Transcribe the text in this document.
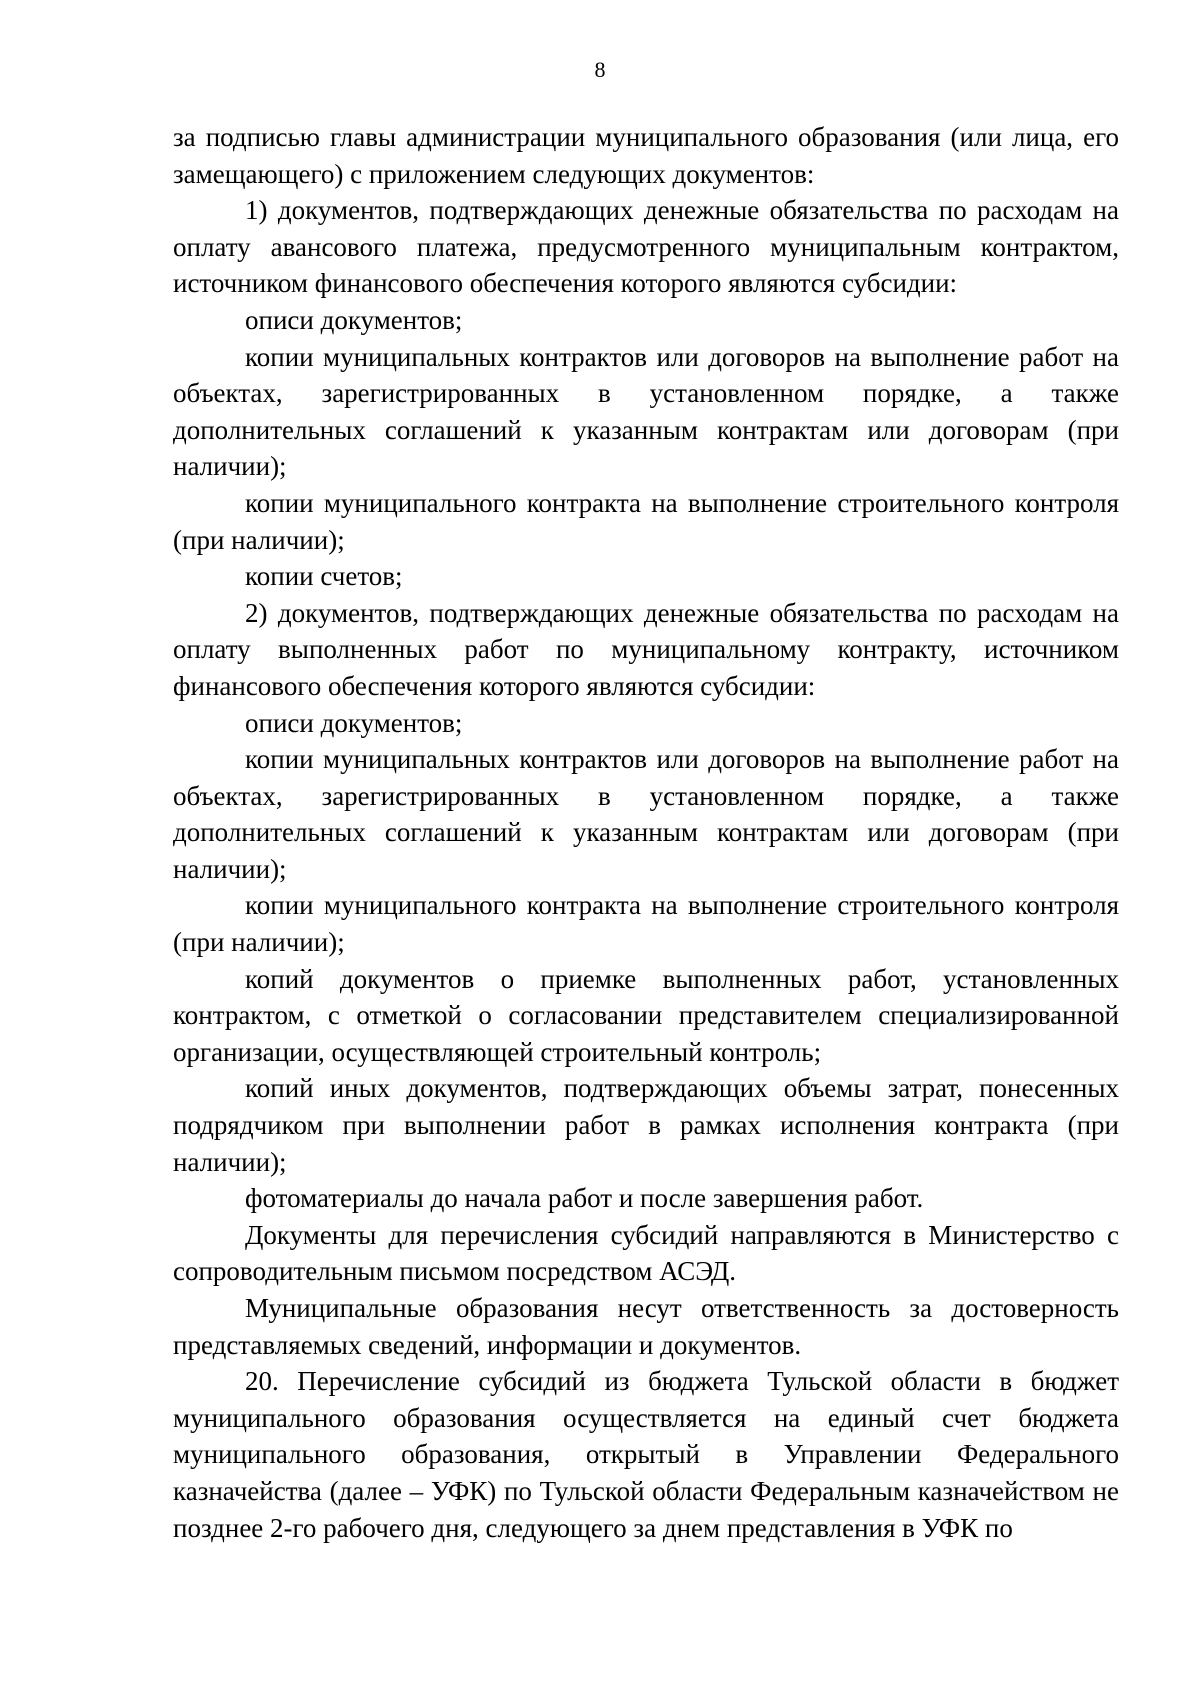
8

за подписью главы администрации муниципального образования (или лица, его замещающего) с приложением следующих документов:

1) документов, подтверждающих денежные обязательства по расходам на оплату авансового платежа, предусмотренного муниципальным контрактом, источником финансового обеспечения которого являются субсидии:

описи документов;

копии муниципальных контрактов или договоров на выполнение работ на объектах, зарегистрированных в установленном порядке, а также дополнительных соглашений к указанным контрактам или договорам (при наличии);

копии муниципального контракта на выполнение строительного контроля (при наличии);

копии счетов;

2) документов, подтверждающих денежные обязательства по расходам на оплату выполненных работ по муниципальному контракту, источником финансового обеспечения которого являются субсидии:

описи документов;

копии муниципальных контрактов или договоров на выполнение работ на объектах, зарегистрированных в установленном порядке, а также дополнительных соглашений к указанным контрактам или договорам (при наличии);

копии муниципального контракта на выполнение строительного контроля (при наличии);

копий документов о приемке выполненных работ, установленных контрактом, с отметкой о согласовании представителем специализированной организации, осуществляющей строительный контроль;

копий иных документов, подтверждающих объемы затрат, понесенных подрядчиком при выполнении работ в рамках исполнения контракта (при наличии);

фотоматериалы до начала работ и после завершения работ.

Документы для перечисления субсидий направляются в Министерство с сопроводительным письмом посредством АСЭД.

Муниципальные образования несут ответственность за достоверность представляемых сведений, информации и документов.

20. Перечисление субсидий из бюджета Тульской области в бюджет муниципального образования осуществляется на единый счет бюджета муниципального образования, открытый в Управлении Федерального казначейства (далее – УФК) по Тульской области Федеральным казначейством не позднее 2-го рабочего дня, следующего за днем представления в УФК по
